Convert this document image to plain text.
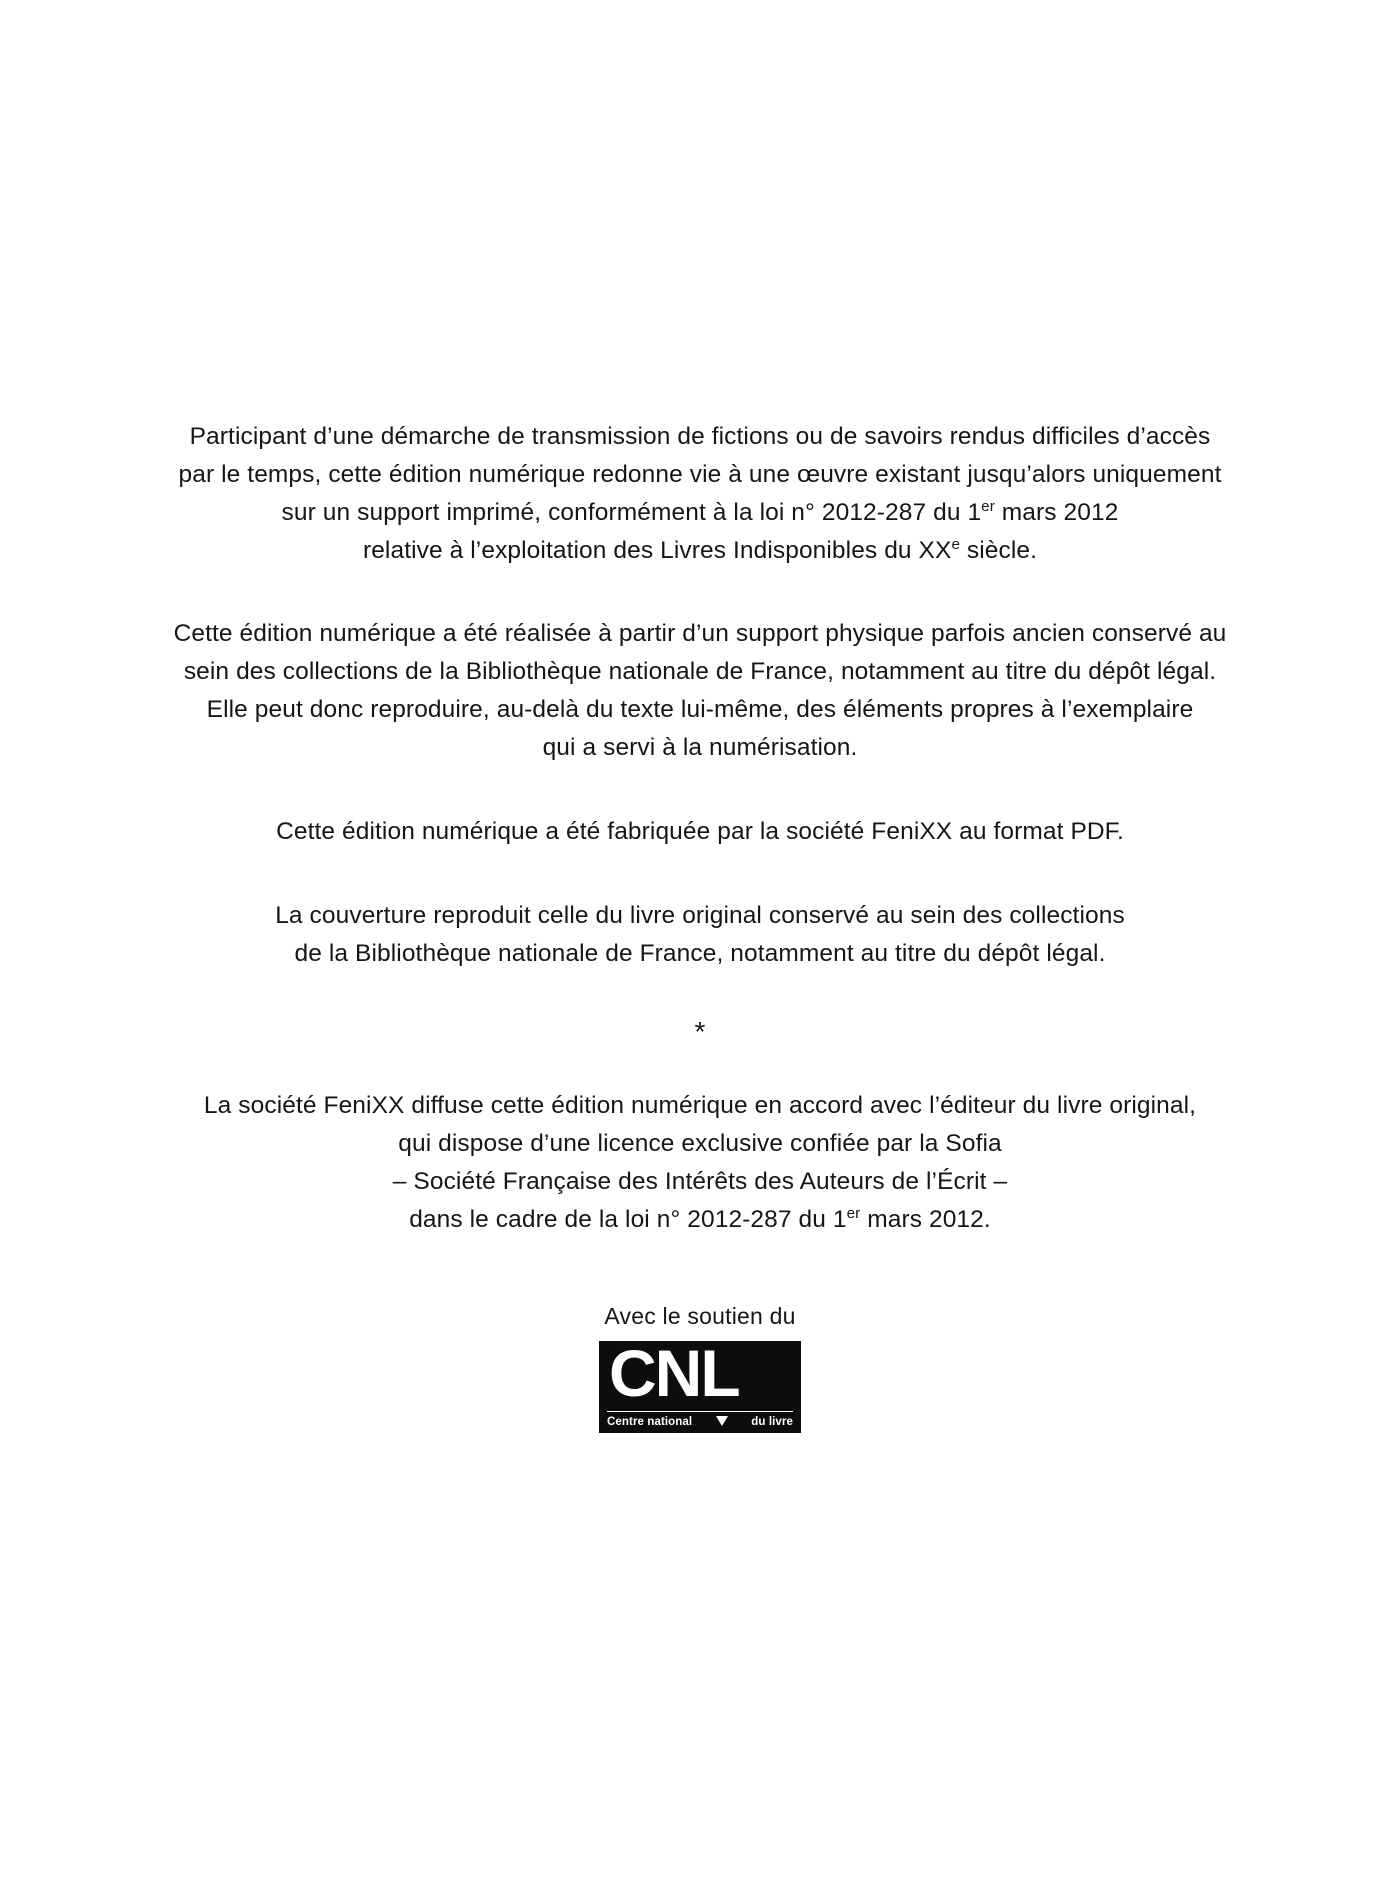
Participant d’une démarche de transmission de fictions ou de savoirs rendus difficiles d’accès
par le temps, cette édition numérique redonne vie à une œuvre existant jusqu’alors uniquement
sur un support imprimé, conformément à la loi n° 2012-287 du 1er mars 2012
relative à l’exploitation des Livres Indisponibles du XXe siècle.

Cette édition numérique a été réalisée à partir d’un support physique parfois ancien conservé au
sein des collections de la Bibliothèque nationale de France, notamment au titre du dépôt légal.
Elle peut donc reproduire, au-delà du texte lui-même, des éléments propres à l’exemplaire
qui a servi à la numérisation.

Cette édition numérique a été fabriquée par la société FeniXX au format PDF.

La couverture reproduit celle du livre original conservé au sein des collections
de la Bibliothèque nationale de France, notamment au titre du dépôt légal.

*

La société FeniXX diffuse cette édition numérique en accord avec l’éditeur du livre original,
qui dispose d’une licence exclusive confiée par la Sofia
– Société Française des Intérêts des Auteurs de l’Écrit –
dans le cadre de la loi n° 2012-287 du 1er mars 2012.

Avec le soutien du

CNL
Centre national	du livre
